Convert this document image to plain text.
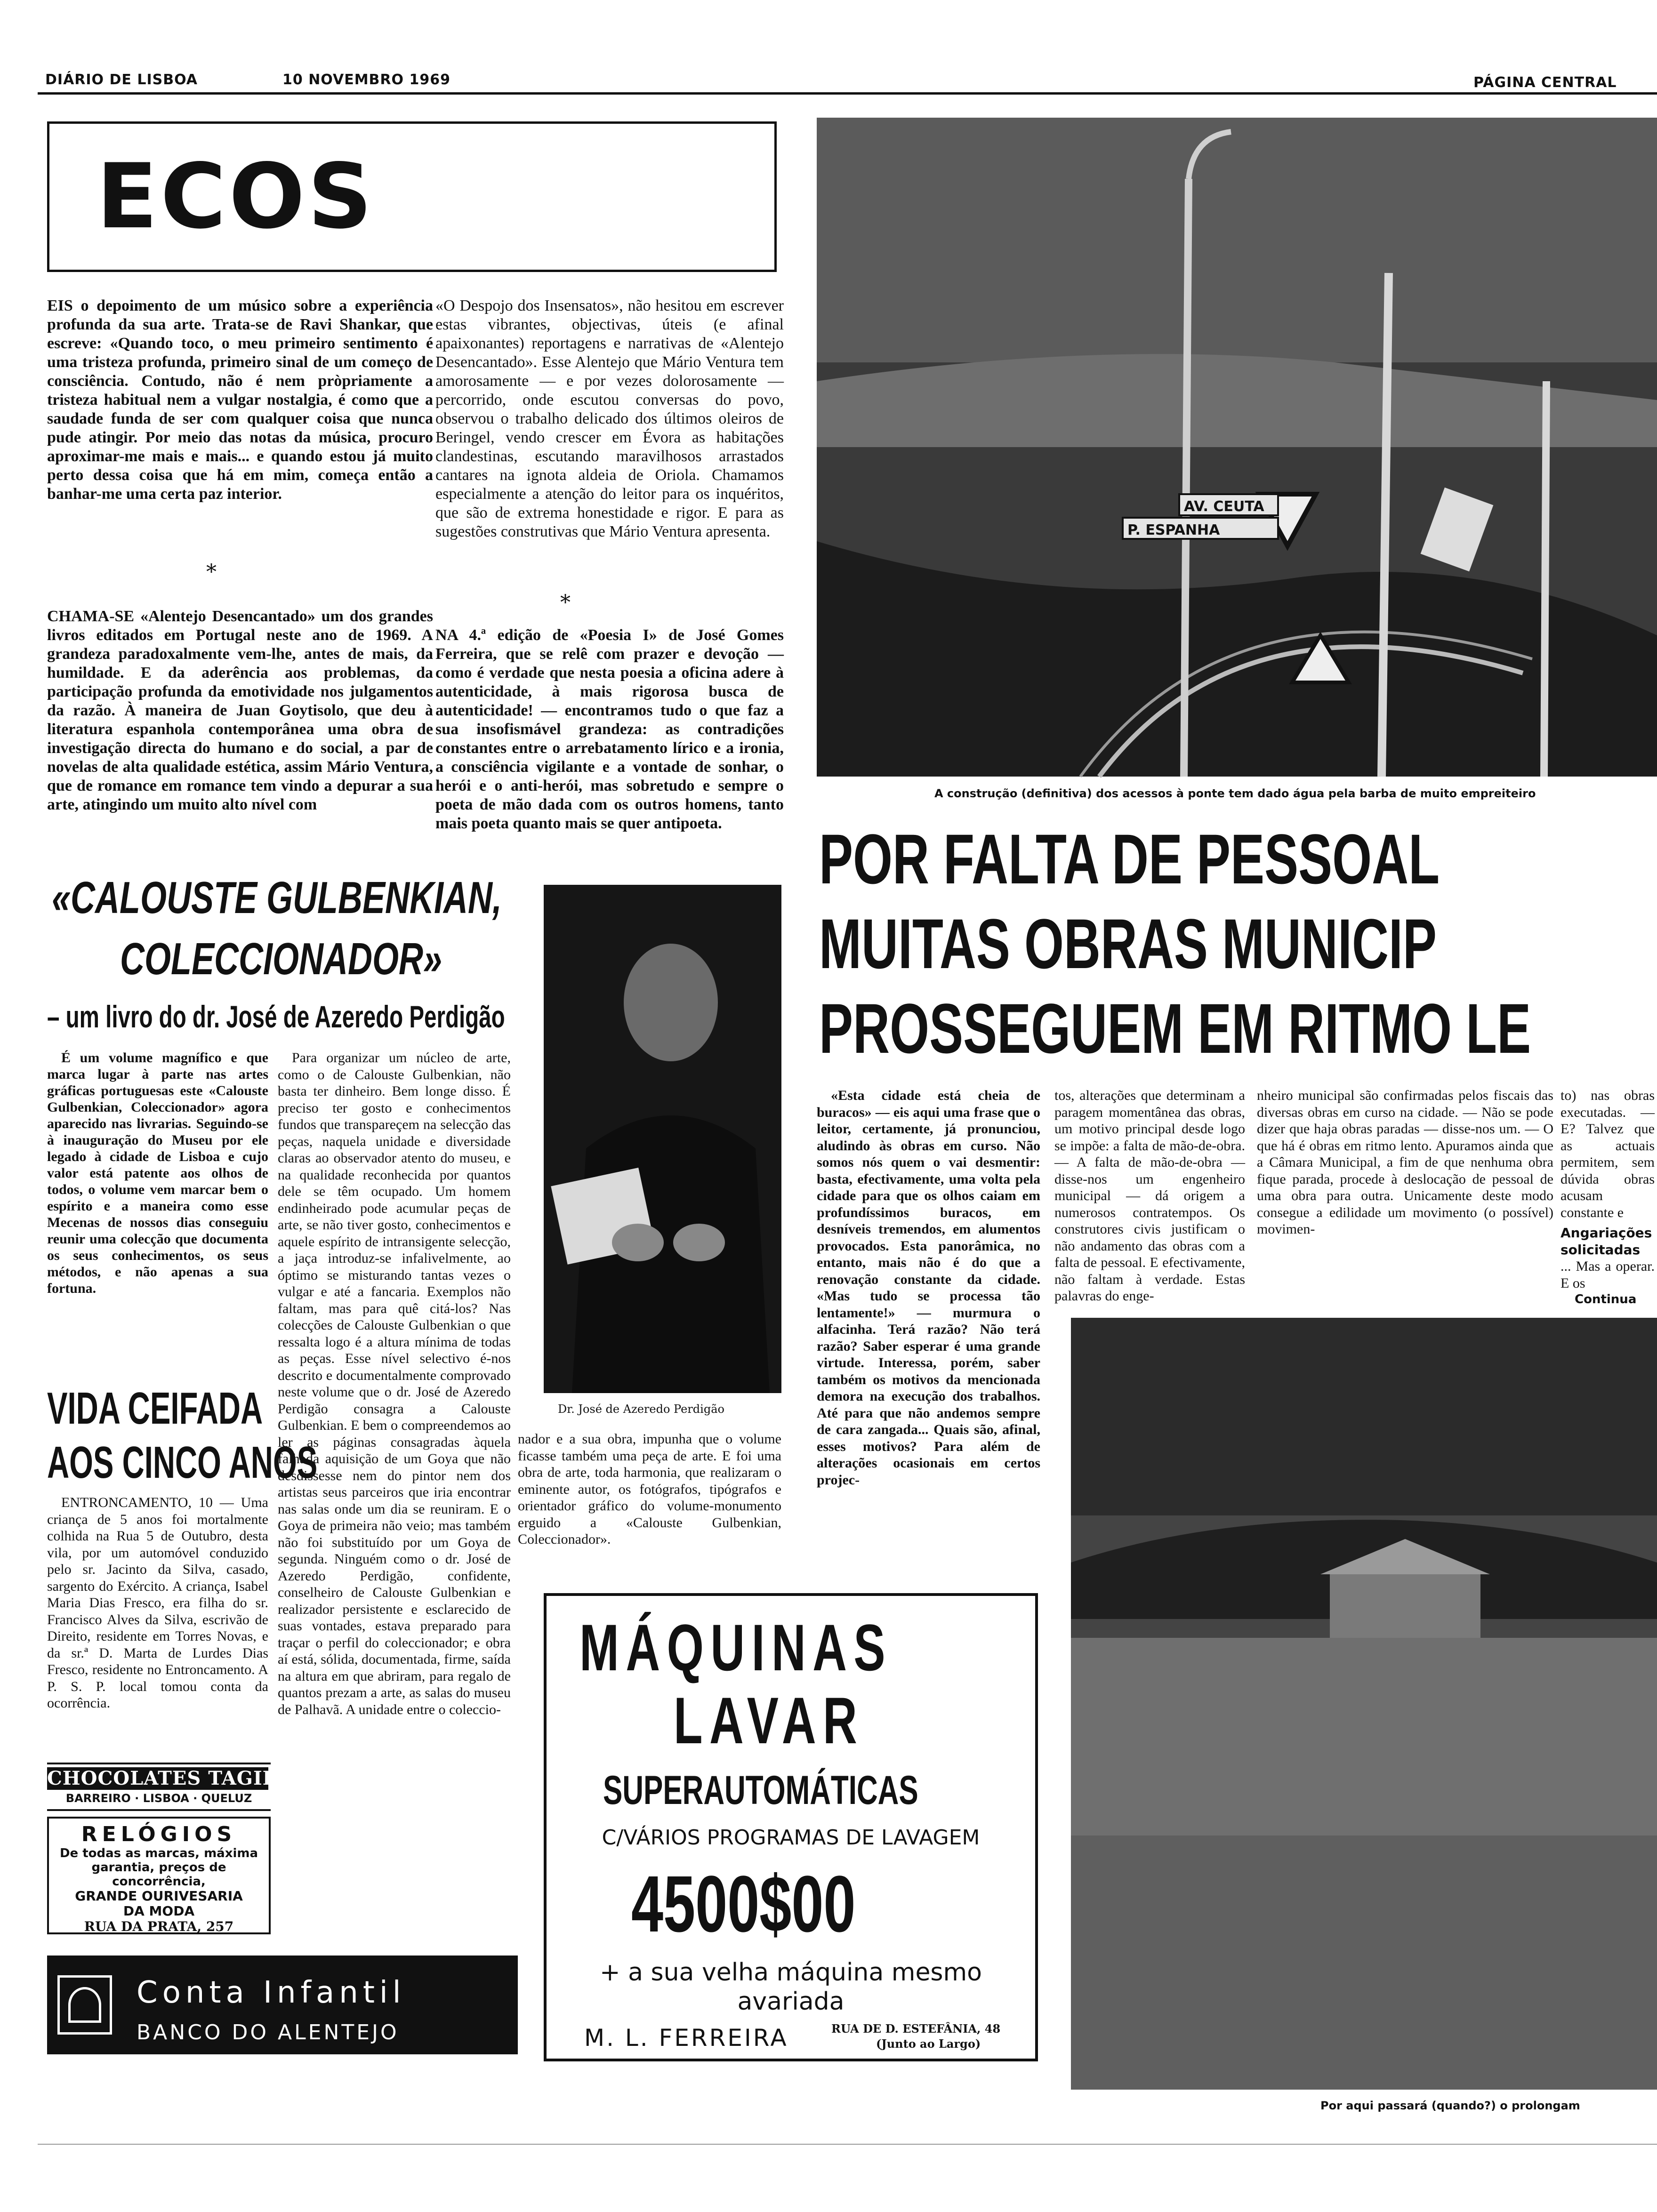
DIÁRIO DE LISBOA	10 NOVEMBRO 1969	PÁGINA CENTRAL
ECOS

EIS o depoimento de um músico sobre a experiência profunda da sua arte. Trata-se de Ravi Shankar, que escreve: «Quando toco, o meu primeiro sentimento é uma tristeza profunda, primeiro sinal de um começo de consciência. Contudo, não é nem pròpriamente a tristeza habitual nem a vulgar nostalgia, é como que a saudade funda de ser com qualquer coisa que nunca pude atingir. Por meio das notas da música, procuro aproximar-me mais e mais... e quando estou já muito perto dessa coisa que há em mim, começa então a banhar-me uma certa paz interior.

*

CHAMA-SE «Alentejo Desencantado» um dos grandes livros editados em Portugal neste ano de 1969. A grandeza paradoxalmente vem-lhe, antes de mais, da humildade. E da aderência aos problemas, da participação profunda da emotividade nos julgamentos da razão. À maneira de Juan Goytisolo, que deu à literatura espanhola contemporânea uma obra de investigação directa do humano e do social, a par de novelas de alta qualidade estética, assim Mário Ventura, que de romance em romance tem vindo a depurar a sua arte, atingindo um muito alto nível com

«O Despojo dos Insensatos», não hesitou em escrever estas vibrantes, objectivas, úteis (e afinal apaixonantes) reportagens e narrativas de «Alentejo Desencantado». Esse Alentejo que Mário Ventura tem amorosamente — e por vezes dolorosamente — percorrido, onde escutou conversas do povo, observou o trabalho delicado dos últimos oleiros de Beringel, vendo crescer em Évora as habitações clandestinas, escutando maravilhosos arrastados cantares na ignota aldeia de Oriola. Chamamos especialmente a atenção do leitor para os inquéritos, que são de extrema honestidade e rigor. E para as sugestões construtivas que Mário Ventura apresenta.

*

NA 4.ª edição de «Poesia I» de José Gomes Ferreira, que se relê com prazer e devoção — como é verdade que nesta poesia a oficina adere à autenticidade, à mais rigorosa busca de autenticidade! — encontramos tudo o que faz a sua insofismável grandeza: as contradições constantes entre o arrebatamento lírico e a ironia, a consciência vigilante e a vontade de sonhar, o herói e o anti-herói, mas sobretudo e sempre o poeta de mão dada com os outros homens, tanto mais poeta quanto mais se quer antipoeta.

AV. CEUTA
P. ESPANHA
A construção (definitiva) dos acessos à ponte tem dado água pela barba de muito empreiteiro
POR FALTA DE PESSOAL
MUITAS OBRAS MUNICIP
PROSSEGUEM EM RITMO LE
«CALOUSTE GULBENKIAN,
COLECCIONADOR»
– um livro do dr. José de Azeredo Perdigão

É um volume magnífico e que marca lugar à parte nas artes gráficas portuguesas este «Calouste Gulbenkian, Coleccionador» agora aparecido nas livrarias. Seguindo-se à inauguração do Museu por ele legado à cidade de Lisboa e cujo valor está patente aos olhos de todos, o volume vem marcar bem o espírito e a maneira como esse Mecenas de nossos dias conseguiu reunir uma colecção que documenta os seus conhecimentos, os seus métodos, e não apenas a sua fortuna.

Para organizar um núcleo de arte, como o de Calouste Gulbenkian, não basta ter dinheiro. Bem longe disso. É preciso ter gosto e conhecimentos fundos que transpareçem na selecção das peças, naquela unidade e diversidade claras ao observador atento do museu, e na qualidade reconhecida por quantos dele se têm ocupado. Um homem endinheirado pode acumular peças de arte, se não tiver gosto, conhecimentos e aquele espírito de intransigente selecção, a jaça introduz-se infalivelmente, ao óptimo se misturando tantas vezes o vulgar e até a fancaria. Exemplos não faltam, mas para quê citá-los? Nas colecções de Calouste Gulbenkian o que ressalta logo é a altura mínima de todas as peças. Esse nível selectivo é-nos descrito e documentalmente comprovado neste volume que o dr. José de Azeredo Perdigão consagra a Calouste Gulbenkian. E bem o compreendemos ao ler as páginas consagradas àquela falhada aquisição de um Goya que não desdissesse nem do pintor nem dos artistas seus parceiros que iria encontrar nas salas onde um dia se reuniram. E o Goya de primeira não veio; mas também não foi substituído por um Goya de segunda. Ninguém como o dr. José de Azeredo Perdigão, confidente, conselheiro de Calouste Gulbenkian e realizador persistente e esclarecido de suas vontades, estava preparado para traçar o perfil do coleccionador; e obra aí está, sólida, documentada, firme, saída na altura em que abriram, para regalo de quantos prezam a arte, as salas do museu de Palhavã. A unidade entre o coleccio-

Dr. José de Azeredo Perdigão

nador e a sua obra, impunha que o volume ficasse também uma peça de arte. E foi uma obra de arte, toda harmonia, que realizaram o eminente autor, os fotógrafos, tipógrafos e orientador gráfico do volume-monumento erguido a «Calouste Gulbenkian, Coleccionador».

VIDA CEIFADA
AOS CINCO ANOS

ENTRONCAMENTO, 10 — Uma criança de 5 anos foi mortalmente colhida na Rua 5 de Outubro, desta vila, por um automóvel conduzido pelo sr. Jacinto da Silva, casado, sargento do Exército. A criança, Isabel Maria Dias Fresco, era filha do sr. Francisco Alves da Silva, escrivão de Direito, residente em Torres Novas, e da sr.ª D. Marta de Lurdes Dias Fresco, residente no Entroncamento. A P. S. P. local tomou conta da ocorrência.

CHOCOLATES TAGIDES
BARREIRO · LISBOA · QUELUZ
RELÓGIOS
De todas as marcas, máxima garantia, preços de concorrência,
GRANDE OURIVESARIA DA MODA
RUA DA PRATA, 257
Conta Infantil
BANCO DO ALENTEJO
MÁQUINAS
LAVAR
SUPERAUTOMÁTICAS
C/VÁRIOS PROGRAMAS DE LAVAGEM
4500$00
+ a sua velha máquina mesmo
avariada
M. L. FERREIRA	RUA DE D. ESTEFÂNIA, 48
(Junto ao Largo)

«Esta cidade está cheia de buracos» — eis aqui uma frase que o leitor, certamente, já pronunciou, aludindo às obras em curso. Não somos nós quem o vai desmentir: basta, efectivamente, uma volta pela cidade para que os olhos caiam em profundíssimos buracos, em desníveis tremendos, em alumentos provocados. Esta panorâmica, no entanto, mais não é do que a renovação constante da cidade. «Mas tudo se processa tão lentamente!» — murmura o alfacinha. Terá razão? Não terá razão? Saber esperar é uma grande virtude. Interessa, porém, saber também os motivos da mencionada demora na execução dos trabalhos. Até para que não andemos sempre de cara zangada... Quais são, afinal, esses motivos? Para além de alterações ocasionais em certos projec-

tos, alterações que determinam a paragem momentânea das obras, um motivo principal desde logo se impõe: a falta de mão-de-obra. — A falta de mão-de-obra — disse-nos um engenheiro municipal — dá origem a numerosos contratempos. Os construtores civis justificam o não andamento das obras com a falta de pessoal. E efectivamente, não faltam à verdade. Estas palavras do enge-

nheiro municipal são confirmadas pelos fiscais das diversas obras em curso na cidade. — Não se pode dizer que haja obras paradas — disse-nos um. — O que há é obras em ritmo lento. Apuramos ainda que a Câmara Municipal, a fim de que nenhuma obra fique parada, procede à deslocação de pessoal de uma obra para outra. Unicamente deste modo consegue a edilidade um movimento (o possível) movimen-

to) nas obras executadas. — E? Talvez que as actuais permitem, sem dúvida obras acusam constante e

Angariações solicitadas

... Mas a operar. E os

Continua

Por aqui passará (quando?) o prolongam
